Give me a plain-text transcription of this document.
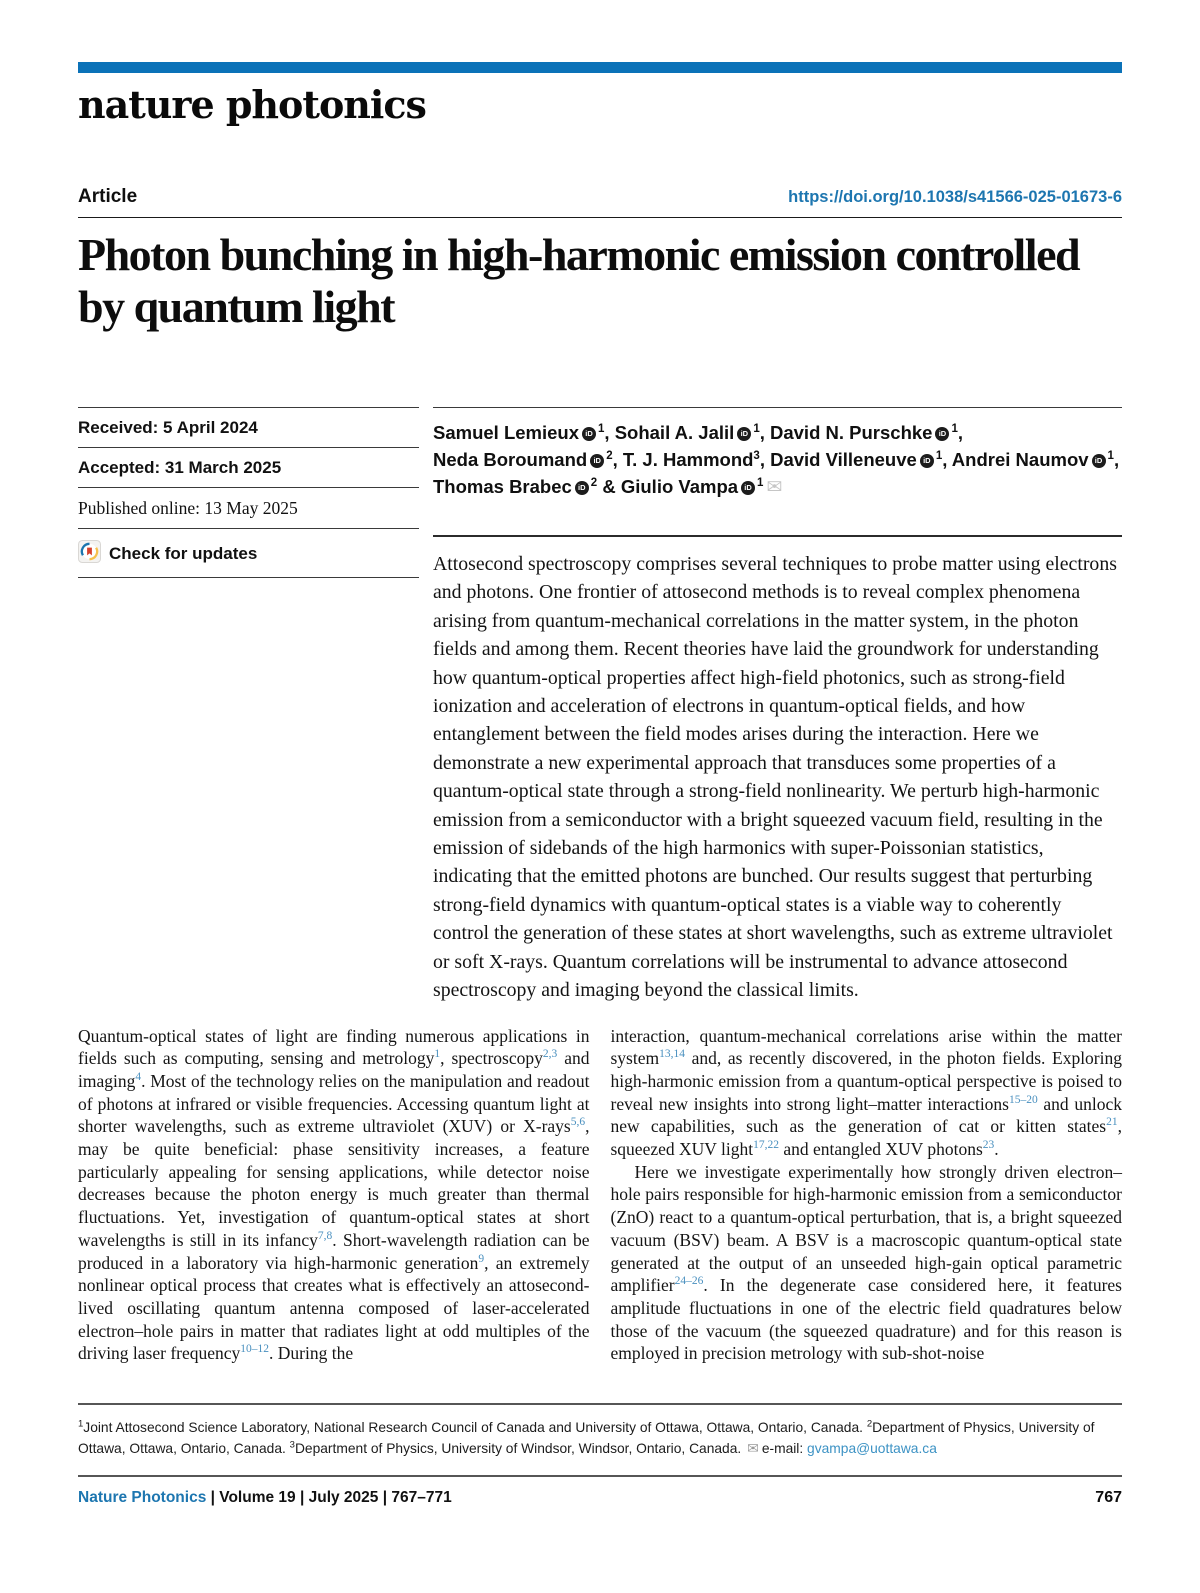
nature photonics
Article	https://doi.org/10.1038/s41566-025-01673-6
Photon bunching in high-harmonic emission controlled by quantum light
Received: 5 April 2024
Accepted: 31 March 2025
Published online: 13 May 2025
Check for updates
Samuel Lemieux iD $^1$, Sohail A. Jalil iD $^1$, David N. Purschke iD $^1$,
Neda Boroumand iD $^2$, T. J. Hammond$^3$, David Villeneuve iD $^1$, Andrei Naumov iD $^1$,
Thomas Brabec iD $^2$ & Giulio Vampa iD $^1$ ✉
Attosecond spectroscopy comprises several techniques to probe matter using electrons and photons. One frontier of attosecond methods is to reveal complex phenomena arising from quantum-mechanical correlations in the matter system, in the photon fields and among them. Recent theories have laid the groundwork for understanding how quantum-optical properties affect high-field photonics, such as strong-field ionization and acceleration of electrons in quantum-optical fields, and how entanglement between the field modes arises during the interaction. Here we demonstrate a new experimental approach that transduces some properties of a quantum-optical state through a strong-field nonlinearity. We perturb high-harmonic emission from a semiconductor with a bright squeezed vacuum field, resulting in the emission of sidebands of the high harmonics with super-Poissonian statistics, indicating that the emitted photons are bunched. Our results suggest that perturbing strong-field dynamics with quantum-optical states is a viable way to coherently control the generation of these states at short wavelengths, such as extreme ultraviolet or soft X-rays. Quantum correlations will be instrumental to advance attosecond spectroscopy and imaging beyond the classical limits.

Quantum-optical states of light are finding numerous applications in fields such as computing, sensing and metrology$^1$, spectroscopy$^{2,3}$ and imaging$^4$. Most of the technology relies on the manipulation and readout of photons at infrared or visible frequencies. Accessing quantum light at shorter wavelengths, such as extreme ultraviolet (XUV) or X-rays$^{5,6}$, may be quite beneficial: phase sensitivity increases, a feature particularly appealing for sensing applications, while detector noise decreases because the photon energy is much greater than thermal fluctuations. Yet, investigation of quantum-optical states at short wavelengths is still in its infancy$^{7,8}$. Short-wavelength radiation can be produced in a laboratory via high-harmonic generation$^9$, an extremely nonlinear optical process that creates what is effectively an attosecond-lived oscillating quantum antenna composed of laser-accelerated electron–hole pairs in matter that radiates light at odd multiples of the driving laser frequency$^{10-12}$. During the

interaction, quantum-mechanical correlations arise within the matter system$^{13,14}$ and, as recently discovered, in the photon fields. Exploring high-harmonic emission from a quantum-optical perspective is poised to reveal new insights into strong light–matter interactions$^{15-20}$ and unlock new capabilities, such as the generation of cat or kitten states$^{21}$, squeezed XUV light$^{17,22}$ and entangled XUV photons$^{23}$.

Here we investigate experimentally how strongly driven electron–hole pairs responsible for high-harmonic emission from a semiconductor (ZnO) react to a quantum-optical perturbation, that is, a bright squeezed vacuum (BSV) beam. A BSV is a macroscopic quantum-optical state generated at the output of an unseeded high-gain optical parametric amplifier$^{24-26}$. In the degenerate case considered here, it features amplitude fluctuations in one of the electric field quadratures below those of the vacuum (the squeezed quadrature) and for this reason is employed in precision metrology with sub-shot-noise

$^1$Joint Attosecond Science Laboratory, National Research Council of Canada and University of Ottawa, Ottawa, Ontario, Canada. $^2$Department of Physics, University of Ottawa, Ottawa, Ontario, Canada. $^3$Department of Physics, University of Windsor, Windsor, Ontario, Canada. ✉ e-mail: gvampa@uottawa.ca
Nature Photonics | Volume 19 | July 2025 | 767–771	767
